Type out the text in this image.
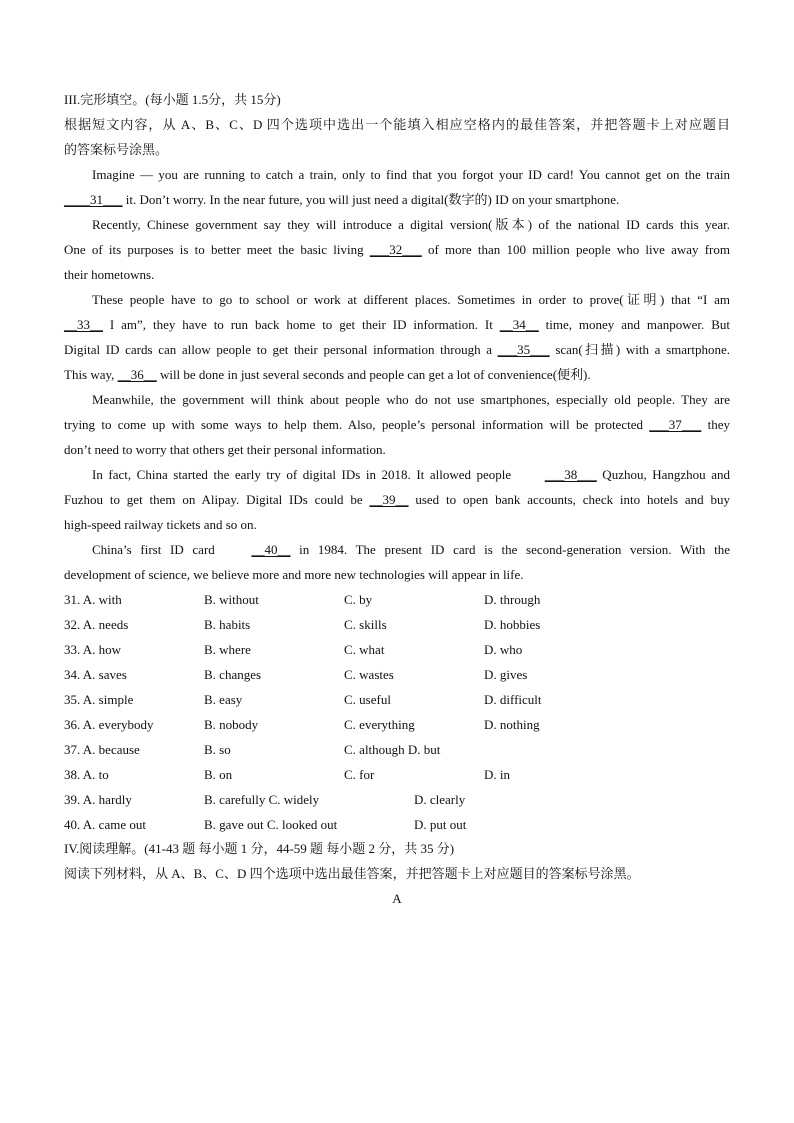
III.完形填空。(每小题 1.5分，共 15分)
根据短文内容，从 A、B、C、D 四个选项中选出一个能填入相应空格内的最佳答案，并把答题卡上对应题目
的答案标号涂黑。
Imagine — you are running to catch a train, only to find that you forgot your ID card! You cannot get on the train
____31___ it. Don’t worry. In the near future, you will just need a digital(数字的) ID on your smartphone.
Recently, Chinese government say they will introduce a digital version(版本) of the national ID cards this year.
One of its purposes is to better meet the basic living ___32___ of more than 100 million people who live away from
their hometowns.
These people have to go to school or work at different places. Sometimes in order to prove(证明) that “I am
__33__ I am”, they have to run back home to get their ID information. It __34__ time, money and manpower. But
Digital ID cards can allow people to get their personal information through a ___35___ scan(扫描) with a smartphone.
This way, __36__ will be done in just several seconds and people can get a lot of convenience(便利).
Meanwhile, the government will think about people who do not use smartphones, especially old people. They are
trying to come up with some ways to help them. Also, people’s personal information will be protected ___37___ they
don’t need to worry that others get their personal information.
In fact, China started the early try of digital IDs in 2018. It allowed people ___38___ Quzhou, Hangzhou and
Fuzhou to get them on Alipay. Digital IDs could be __39__ used to open bank accounts, check into hotels and buy
high-speed railway tickets and so on.
China’s first ID card __40__ in 1984. The present ID card is the second-generation version. With the
development of science, we believe more and more new technologies will appear in life.
31. A. with	B. without	C. by	D. through
32. A. needs	B. habits	C. skills	D. hobbies
33. A. how	B. where	C. what	D. who
34. A. saves	B. changes	C. wastes	D. gives
35. A. simple	B. easy	C. useful	D. difficult
36. A. everybody	B. nobody	C. everything	D. nothing
37. A. because	B. so	C. although D. but
38. A. to	B. on	C. for	D. in
39. A. hardly	B. carefully C. widely	D. clearly
40. A. came out	B. gave out C. looked out	D. put out
IV.阅读理解。(41-43 题 每小题 1 分，44-59 题 每小题 2 分，共 35 分)
阅读下列材料，从 A、B、C、D 四个选项中选出最佳答案，并把答题卡上对应题目的答案标号涂黑。
A
